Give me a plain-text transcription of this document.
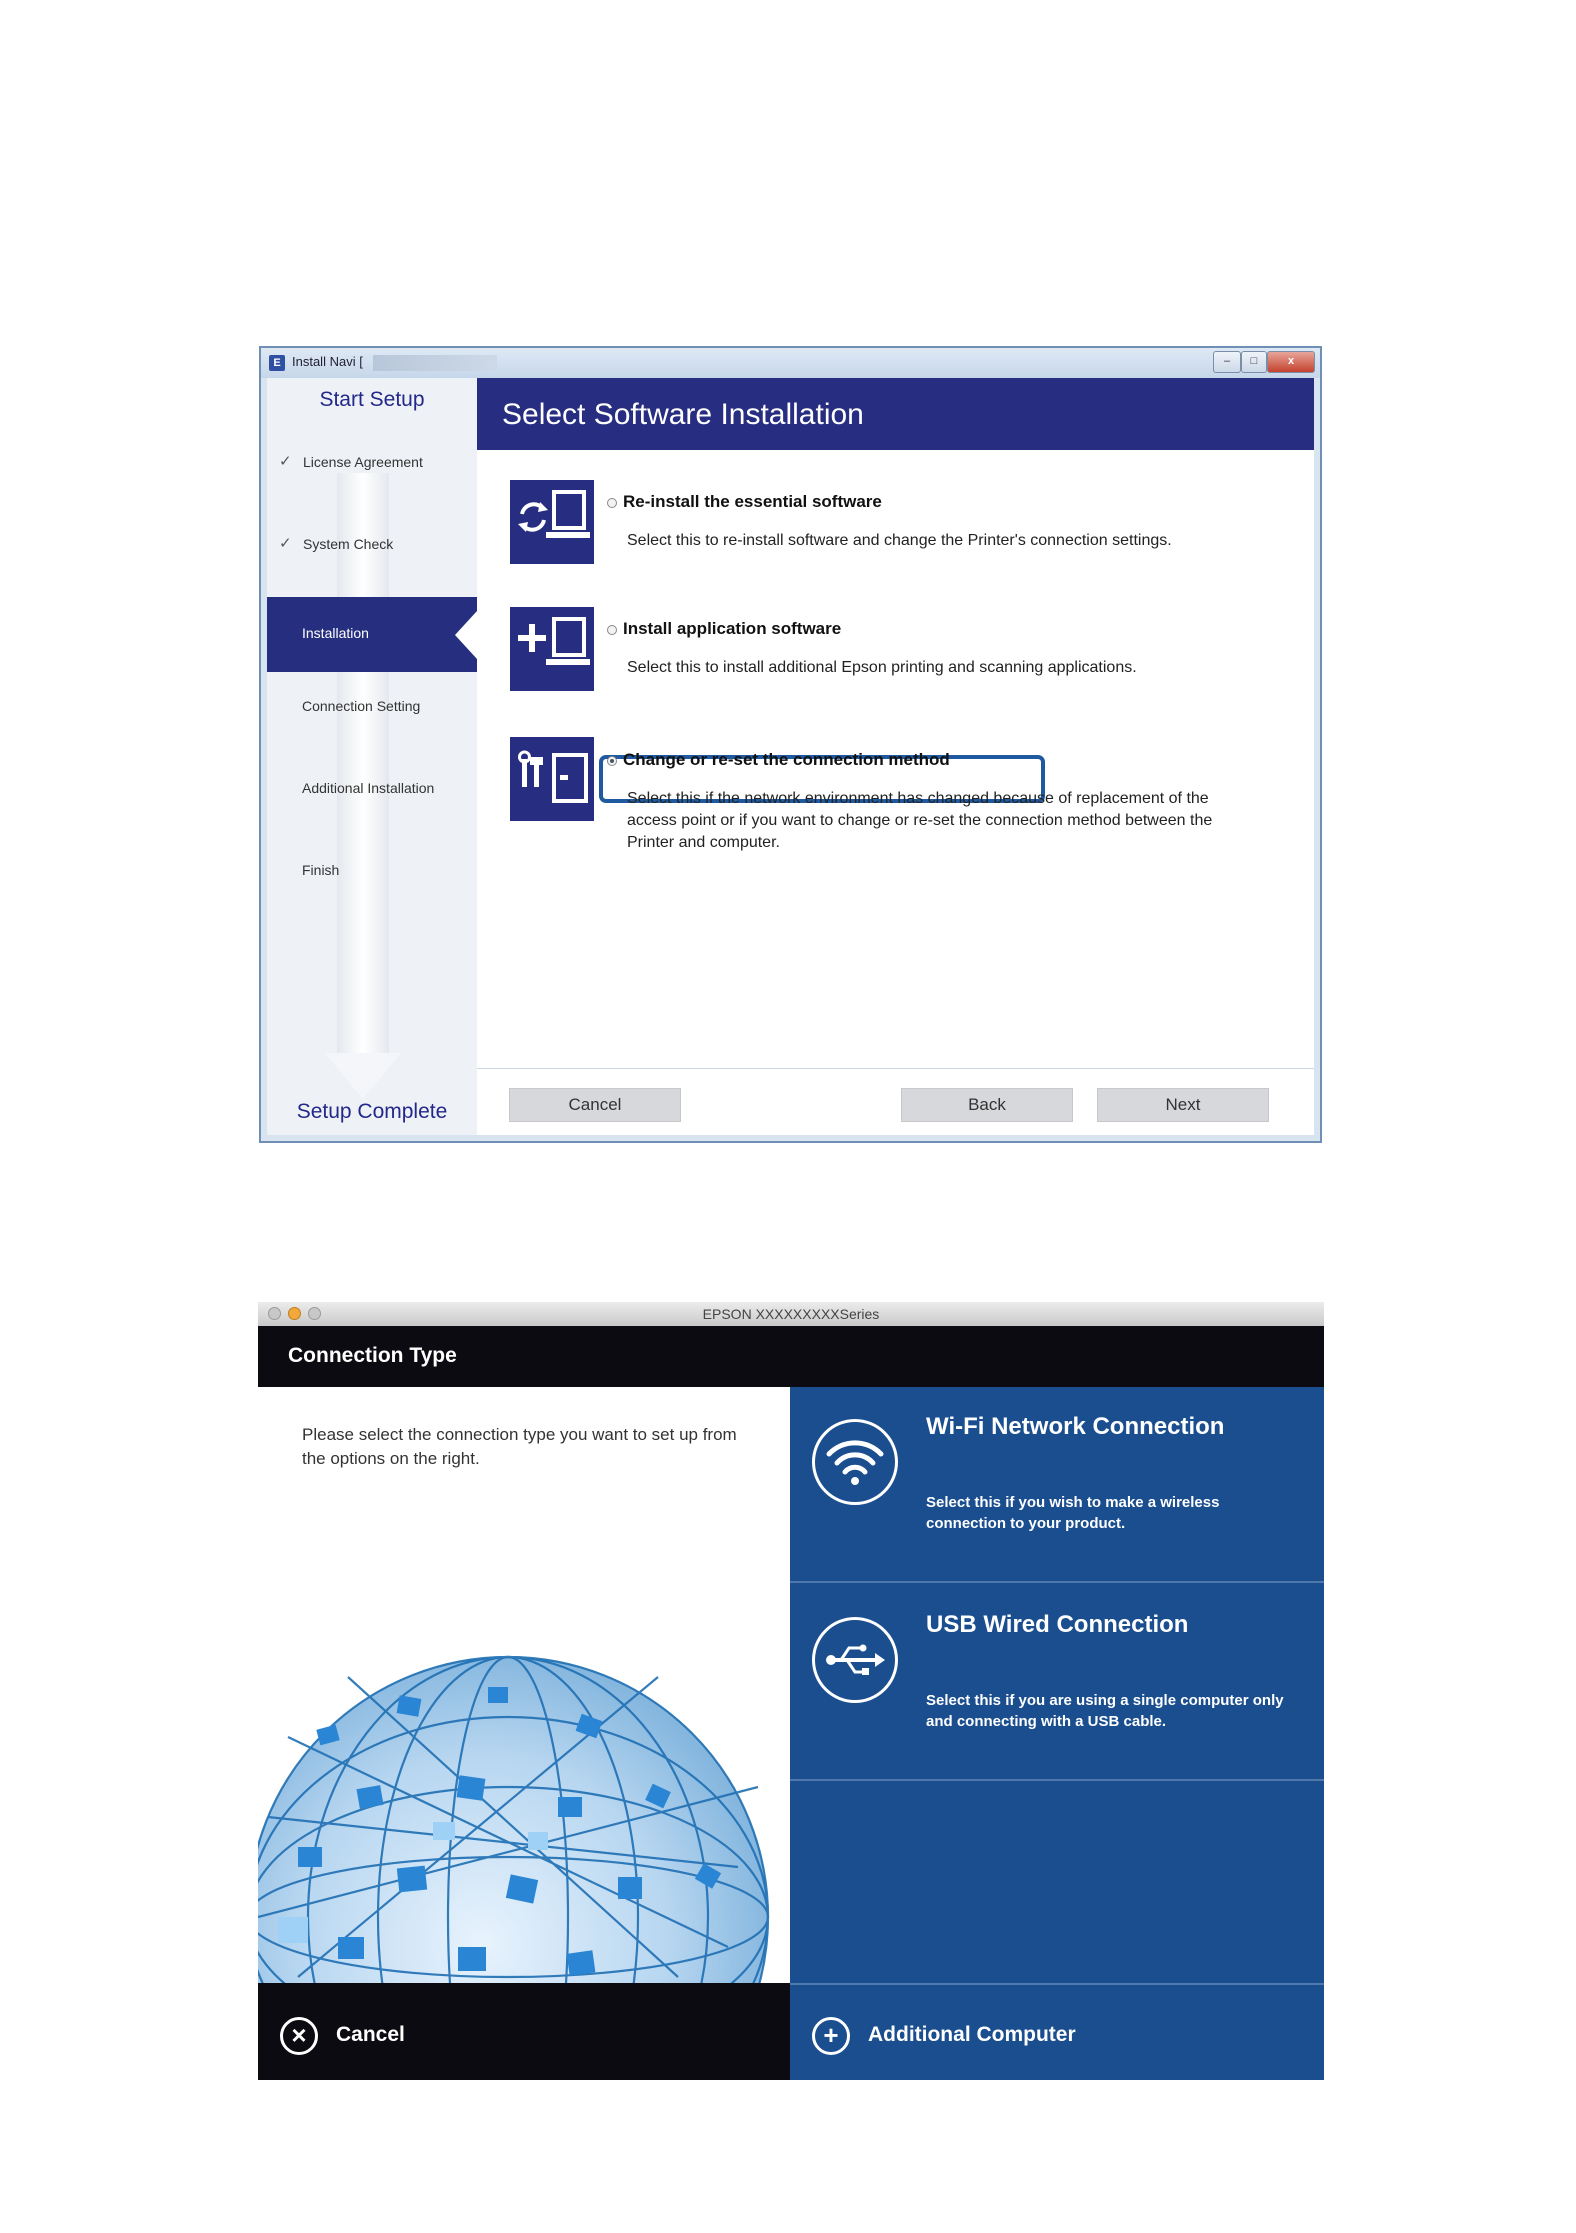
E Install Navi [	–	□	x
Start Setup
✓ License Agreement
✓ System Check
Installation
Connection Setting
Additional Installation
Finish
Setup Complete
Select Software Installation
Re-install the essential software
Select this to re-install software and change the Printer's connection settings.
Install application software
Select this to install additional Epson printing and scanning applications.
Change or re-set the connection method
Select this if the network environment has changed because of replacement of the access point or if you want to change or re-set the connection method between the Printer and computer.
Cancel	Back	Next
EPSON XXXXXXXXXSeries
Connection Type
Please select the connection type you want to set up from the options on the right.
Wi-Fi Network Connection
Select this if you wish to make a wireless connection to your product.
USB Wired Connection
Select this if you are using a single computer only and connecting with a USB cable.
×	Cancel	+	Additional Computer
